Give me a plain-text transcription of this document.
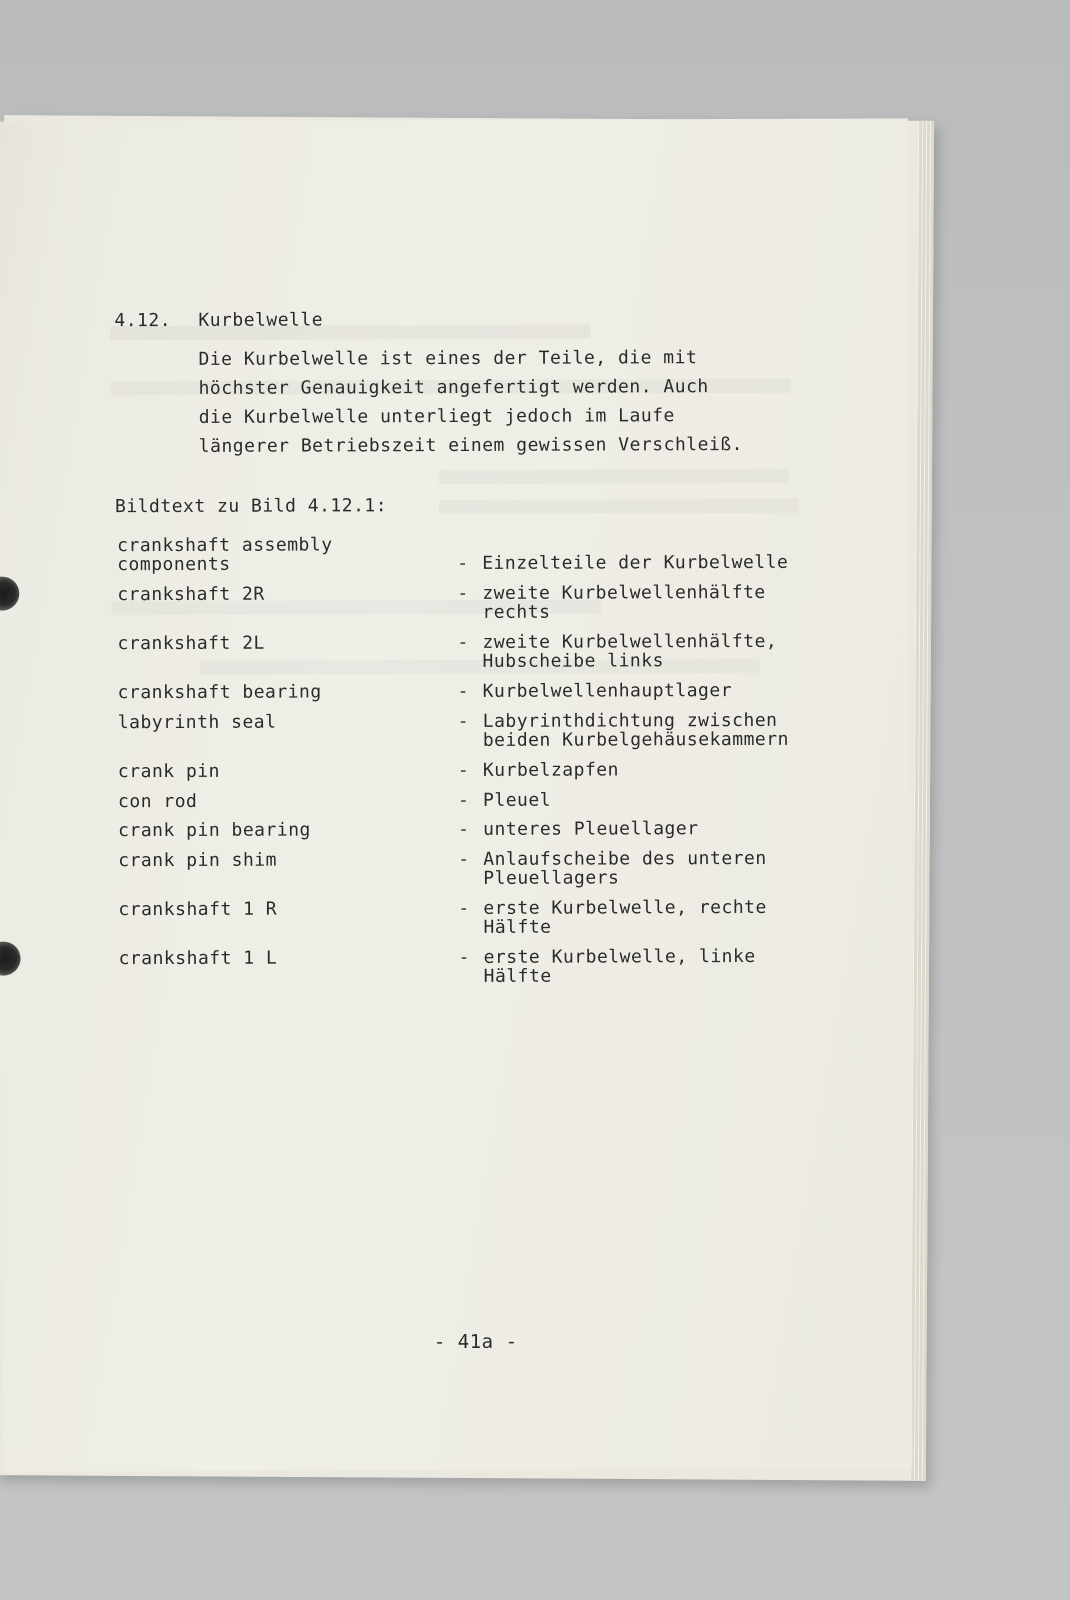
4.12. Kurbelwelle
Die Kurbelwelle ist eines der Teile, die mit
höchster Genauigkeit angefertigt werden. Auch
die Kurbelwelle unterliegt jedoch im Laufe
längerer Betriebszeit einem gewissen Verschleiß.
Bildtext zu Bild 4.12.1:
crankshaft assembly
components	- Einzelteile der Kurbelwelle
crankshaft 2R	- zweite Kurbelwellenhälfte
rechts
crankshaft 2L	- zweite Kurbelwellenhälfte,
Hubscheibe links
crankshaft bearing	- Kurbelwellenhauptlager
labyrinth seal	- Labyrinthdichtung zwischen
beiden Kurbelgehäusekammern
crank pin	- Kurbelzapfen
con rod	- Pleuel
crank pin bearing	- unteres Pleuellager
crank pin shim	- Anlaufscheibe des unteren
Pleuellagers
crankshaft 1 R	- erste Kurbelwelle, rechte
Hälfte
crankshaft 1 L	- erste Kurbelwelle, linke
Hälfte
- 41a -
